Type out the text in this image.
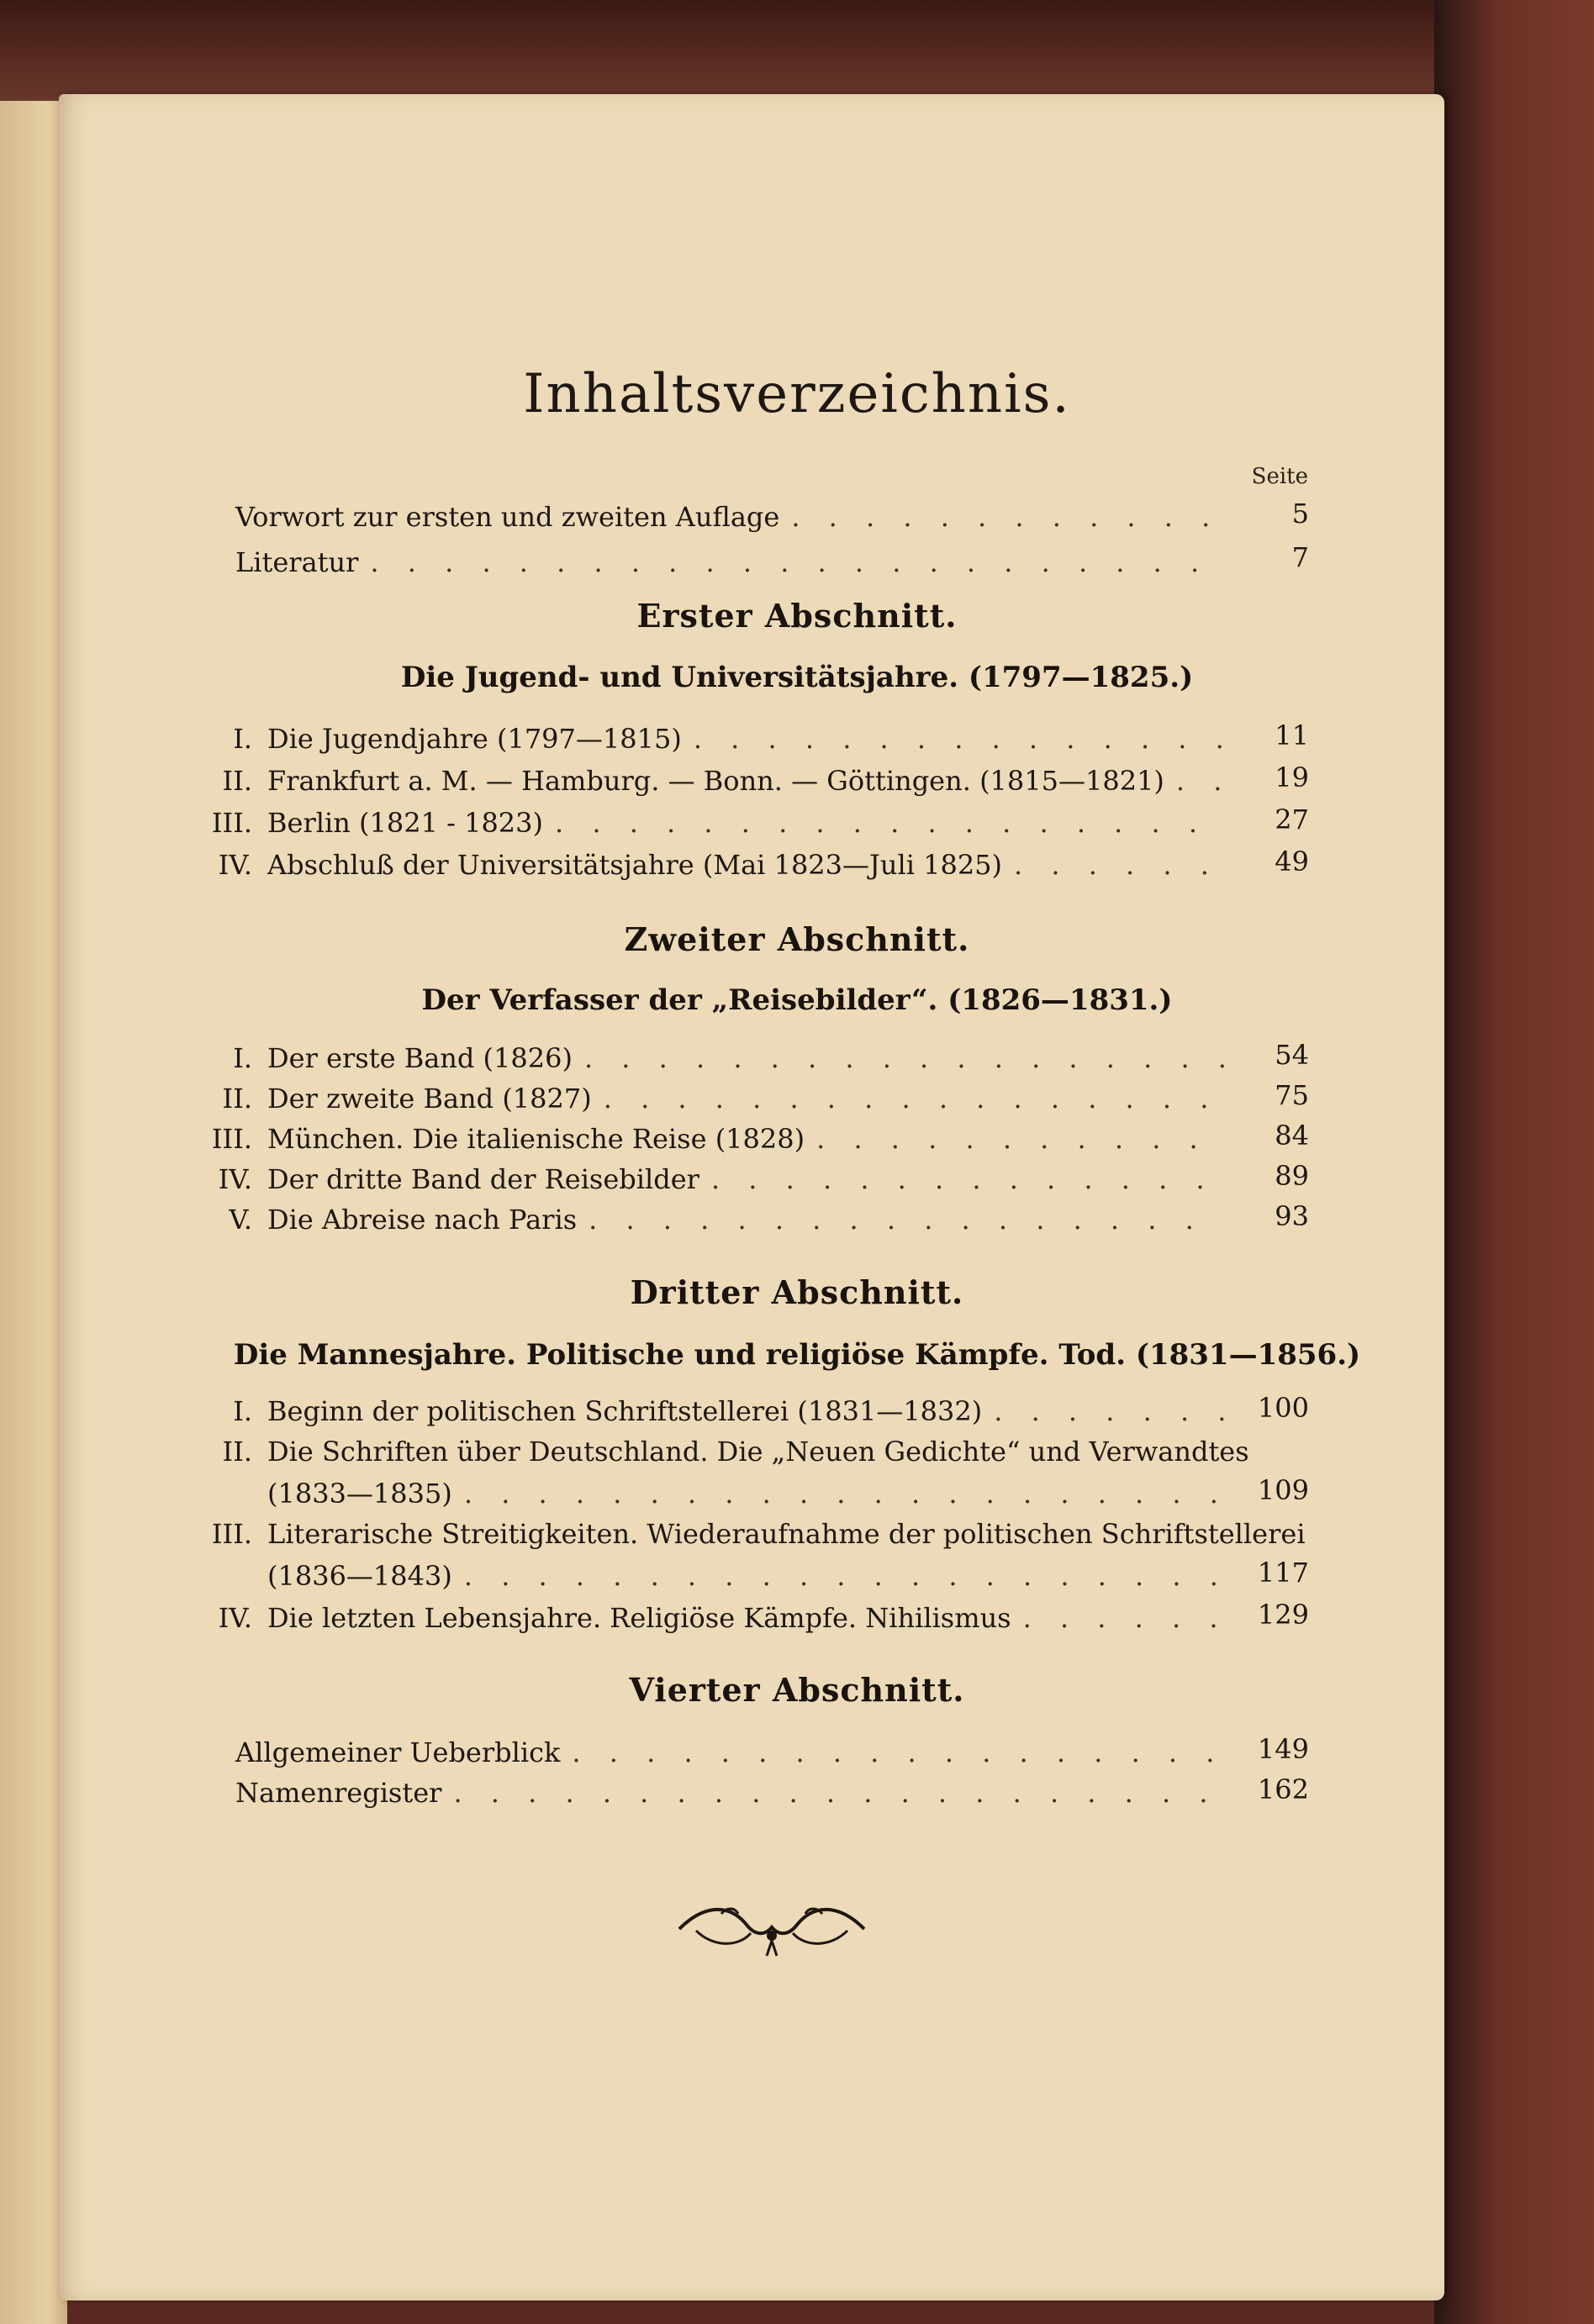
Inhaltsverzeichnis.
Seite
Vorwort zur ersten und zweiten Auflage . . .	5
Literatur . . .	7
Erster Abschnitt.
Die Jugend- und Universitätsjahre. (1797—1825.)
I. Die Jugendjahre (1797—1815) . . .	11
II. Frankfurt a. M. — Hamburg. — Bonn. — Göttingen. (1815—1821) . . .	19
III. Berlin (1821 - 1823) . . .	27
IV. Abschluß der Universitätsjahre (Mai 1823—Juli 1825) . . .	49
Zweiter Abschnitt.
Der Verfasser der „Reisebilder“. (1826—1831.)
I. Der erste Band (1826) . . .	54
II. Der zweite Band (1827) . . .	75
III. München. Die italienische Reise (1828) . . .	84
IV. Der dritte Band der Reisebilder . . .	89
V. Die Abreise nach Paris . . .	93
Dritter Abschnitt.
Die Mannesjahre. Politische und religiöse Kämpfe. Tod. (1831—1856.)
I. Beginn der politischen Schriftstellerei (1831—1832) . . .	100
II. Die Schriften über Deutschland. Die „Neuen Gedichte“ und Verwandtes
(1833—1835) . . .	109
III. Literarische Streitigkeiten. Wiederaufnahme der politischen Schriftstellerei
(1836—1843) . . .	117
IV. Die letzten Lebensjahre. Religiöse Kämpfe. Nihilismus . . .	129
Vierter Abschnitt.
Allgemeiner Ueberblick . . .	149
Namenregister . . .	162
